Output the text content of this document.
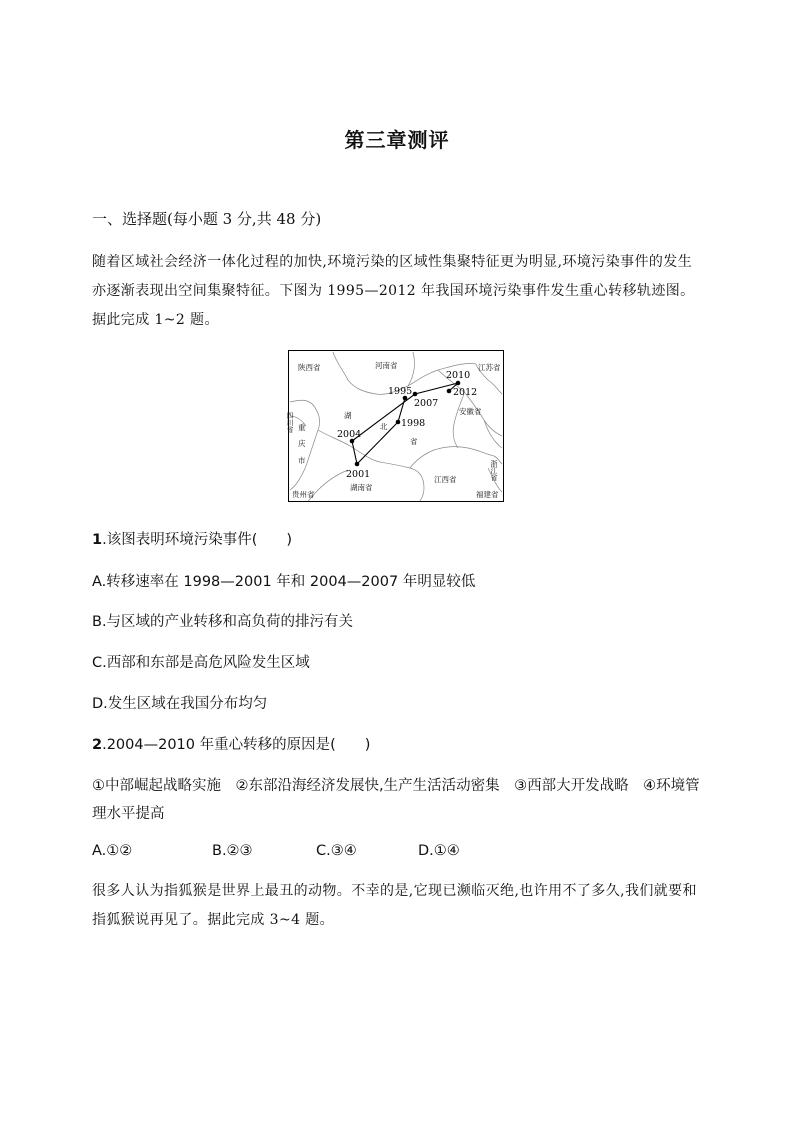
第三章测评
一、选择题(每小题 3 分,共 48 分)
随着区域社会经济一体化过程的加快,环境污染的区域性集聚特征更为明显,环境污染事件的发生亦逐渐表现出空间集聚特征。下图为 1995—2012 年我国环境污染事件发生重心转移轨迹图。据此完成 1~2 题。
1995
1998
2001
2004
2007
2010
2012
陕西省	河南省	江苏省
安徽省
四川省 重
庆
市
湖
北
省
湖南省
江西省	浙江省
贵州省	福建省
1.该图表明环境污染事件(　　)
A.转移速率在 1998—2001 年和 2004—2007 年明显较低
B.与区域的产业转移和高负荷的排污有关
C.西部和东部是高危风险发生区域
D.发生区域在我国分布均匀
2.2004—2010 年重心转移的原因是(　　)
①中部崛起战略实施　②东部沿海经济发展快,生产生活活动密集　③西部大开发战略　④环境管理水平提高
A.①②	B.②③	C.③④	D.①④
很多人认为指狐猴是世界上最丑的动物。不幸的是,它现已濒临灭绝,也许用不了多久,我们就要和指狐猴说再见了。据此完成 3~4 题。
